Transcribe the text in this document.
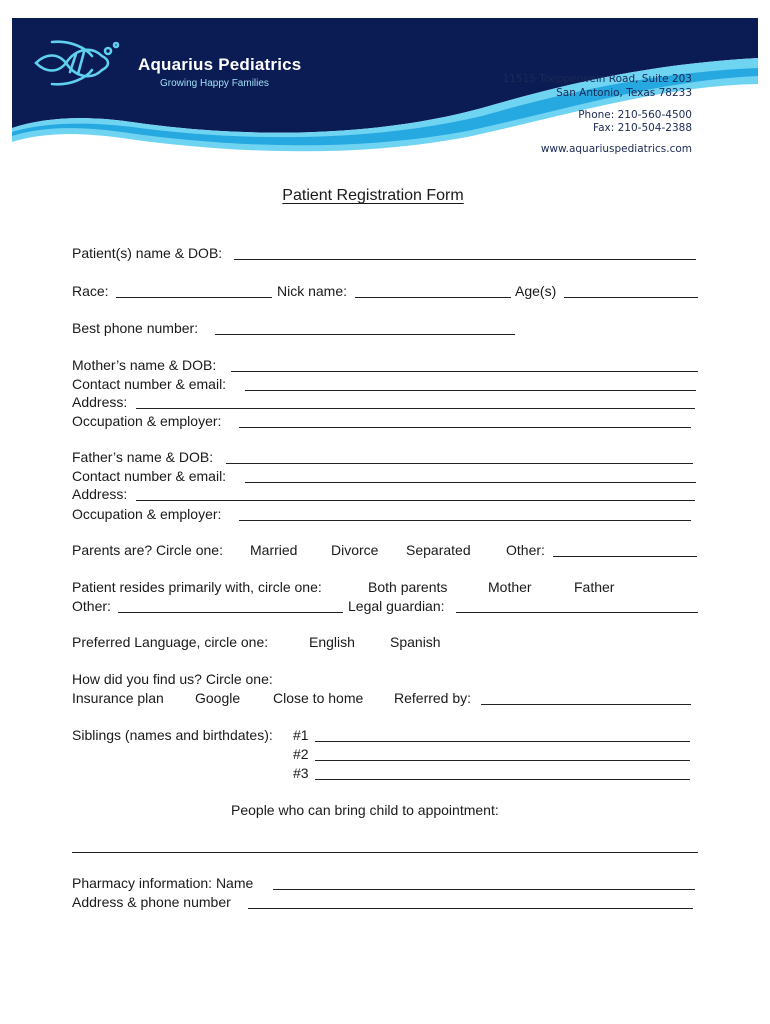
Aquarius Pediatrics
Growing Happy Families	11515 Toepperwein Road, Suite 203
San Antonio, Texas 78233
Phone: 210-560-4500
Fax: 210-504-2388
www.aquariuspediatrics.com
Patient Registration Form
Patient(s) name & DOB:
Race:	Nick name:	Age(s)
Best phone number:
Mother’s name & DOB:
Contact number & email:
Address:
Occupation & employer:
Father’s name & DOB:
Contact number & email:
Address:
Occupation & employer:
Parents are? Circle one: Married Divorce Separated	Other:
Patient resides primarily with, circle one:	Both parents	Mother	Father
Other:	Legal guardian:
Preferred Language, circle one:	English	Spanish
How did you find us? Circle one:
Insurance plan Google Close to home Referred by:
Siblings (names and birthdates): #1
#2
#3
People who can bring child to appointment:
Pharmacy information: Name
Address & phone number
